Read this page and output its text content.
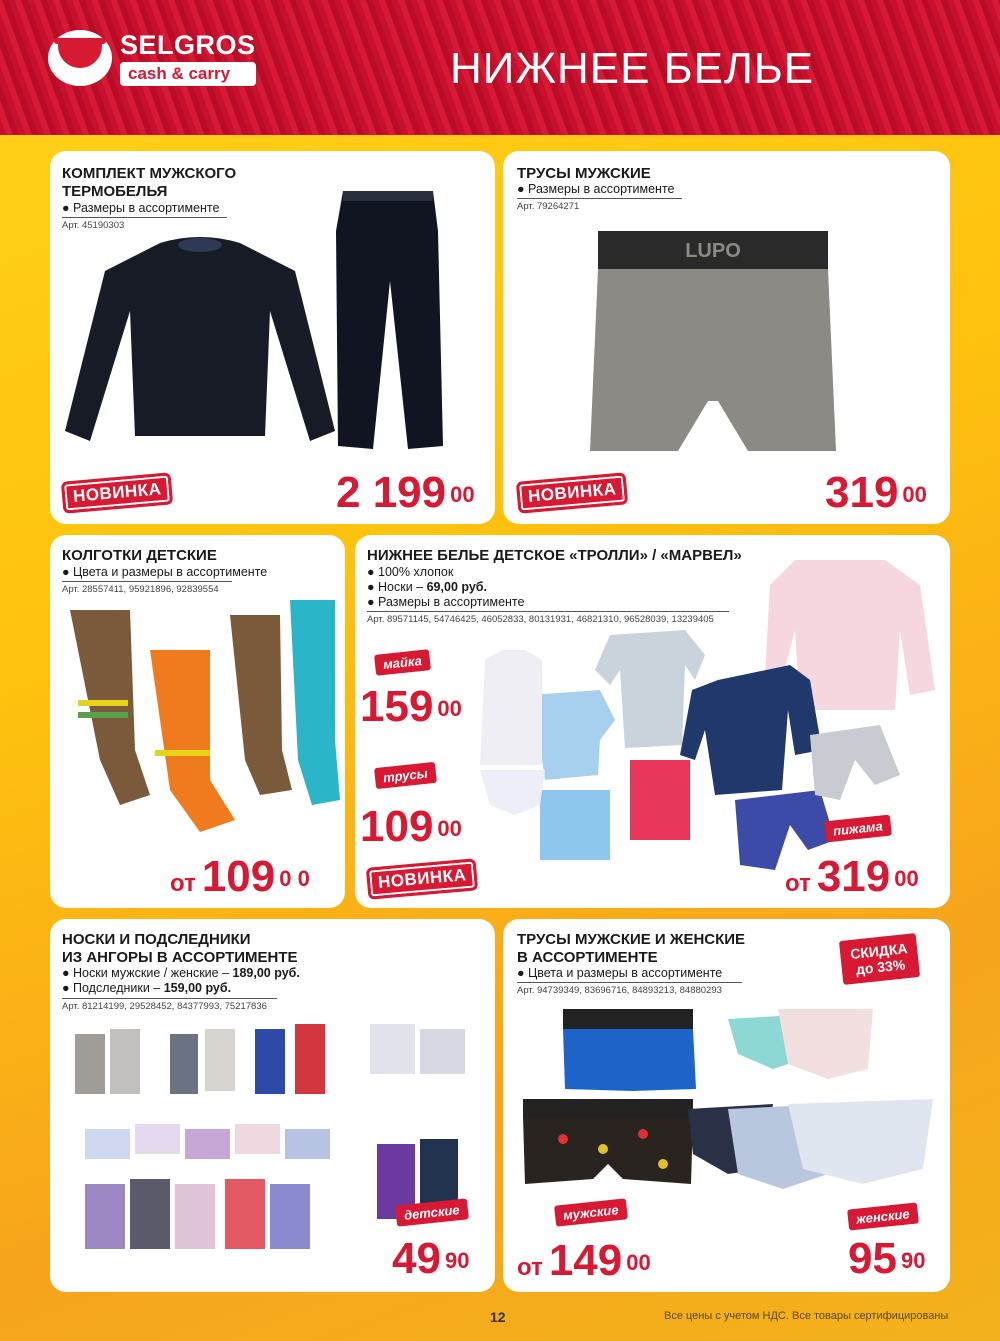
SELGROS
cash & carry	НИЖНЕЕ БЕЛЬЕ
КОМПЛЕКТ МУЖСКОГО
ТЕРМОБЕЛЬЯ
● Размеры в ассортименте
Арт. 45190303
НОВИНКА	2 199 $^{00}$
ТРУСЫ МУЖСКИЕ
● Размеры в ассортименте
Арт. 79264271
LUPO
НОВИНКА	319 $^{00}$
КОЛГОТКИ ДЕТСКИЕ
● Цвета и размеры в ассортименте
Арт. 28557411, 95921896, 92839554
от 109 $^{0 0}$
НИЖНЕЕ БЕЛЬЕ ДЕТСКОЕ «ТРОЛЛИ» / «МАРВЕЛ»
● 100% хлопок
● Носки – 69,00 руб.
● Размеры в ассортименте
Арт. 89571145, 54746425, 46052833, 80131931, 46821310, 96528039, 13239405
майка
159 $^{00}$
трусы
109 $^{00}$
НОВИНКА
пижама
от 319 $^{00}$
НОСКИ И ПОДСЛЕДНИКИ
ИЗ АНГОРЫ В АССОРТИМЕНТЕ
● Носки мужские / женские – 189,00 руб.
● Подследники – 159,00 руб.
Арт. 81214199, 29528452, 84377993, 75217836
детские
49 $^{90}$
ТРУСЫ МУЖСКИЕ И ЖЕНСКИЕ
В АССОРТИМЕНТЕ
● Цвета и размеры в ассортименте
Арт. 94739349, 83696716, 84893213, 84880293
СКИДКА
до 33%
мужские	женские
от 149 $^{00}$	95 $^{90}$
12	Все цены с учетом НДС. Все товары сертифицированы
